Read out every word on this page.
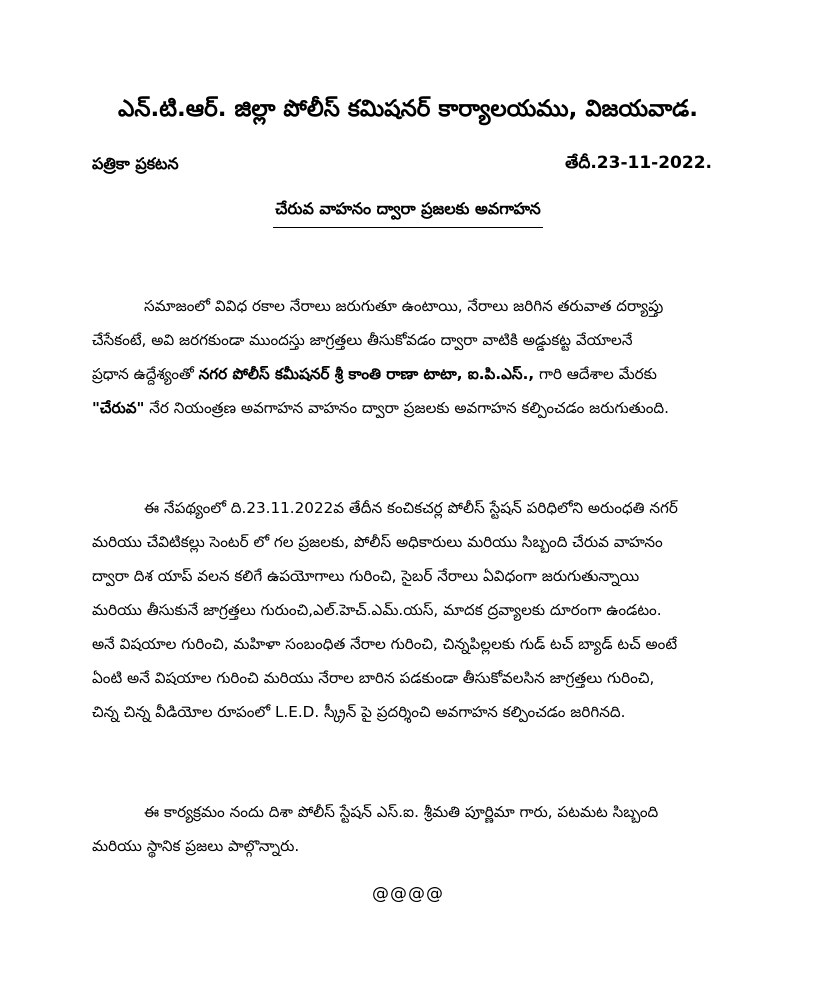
ఎన్.టి.ఆర్. జిల్లా పోలీస్ కమిషనర్ కార్యాలయము, విజయవాడ.
పత్రికా ప్రకటన	తేదీ.23-11-2022.
చేరువ వాహనం ద్వారా ప్రజలకు అవగాహన
సమాజంలో వివిధ రకాల నేరాలు జరుగుతూ ఉంటాయి, నేరాలు జరిగిన తరువాత దర్యాప్తు
చేసేకంటే, అవి జరగకుండా ముందస్తు జాగ్రత్తలు తీసుకోవడం ద్వారా వాటికి అడ్డుకట్ట వేయాలనే
ప్రధాన ఉద్దేశ్యంతో నగర పోలీస్ కమీషనర్ శ్రీ కాంతి రాణా టాటా, ఐ.పి.ఎస్., గారి ఆదేశాల మేరకు
"చేరువ" నేర నియంత్రణ అవగాహన వాహనం ద్వారా ప్రజలకు అవగాహన కల్పించడం జరుగుతుంది.
ఈ నేపథ్యంలో ది.23.11.2022వ తేదీన కంచికచర్ల పోలీస్ స్టేషన్ పరిధిలోని అరుంధతి నగర్
మరియు చేవిటికల్లు సెంటర్ లో గల ప్రజలకు, పోలీస్ అధికారులు మరియు సిబ్బంది చేరువ వాహనం
ద్వారా దిశ యాప్ వలన కలిగే ఉపయోగాలు గురించి, సైబర్ నేరాలు ఏవిధంగా జరుగుతున్నాయి
మరియు తీసుకునే జాగ్రత్తలు గురుంచి,ఎల్.హెచ్.ఎమ్.యస్, మాదక ద్రవ్యాలకు దూరంగా ఉండటం.
అనే విషయాల గురించి, మహిళా సంబంధిత నేరాల గురించి, చిన్నపిల్లలకు గుడ్ టచ్ బ్యాడ్ టచ్ అంటే
ఏంటి అనే విషయాల గురించి మరియు నేరాల బారిన పడకుండా తీసుకోవలసిన జాగ్రత్తలు గురించి,
చిన్న చిన్న వీడియోల రూపంలో L.E.D. స్క్రీన్ పై ప్రదర్శించి అవగాహన కల్పించడం జరిగినది.
ఈ కార్యక్రమం నందు దిశా పోలీస్ స్టేషన్ ఎస్.ఐ. శ్రీమతి పూర్ణిమా గారు, పటమట సిబ్బంది
మరియు స్థానిక ప్రజలు పాల్గొన్నారు.
@@@@
